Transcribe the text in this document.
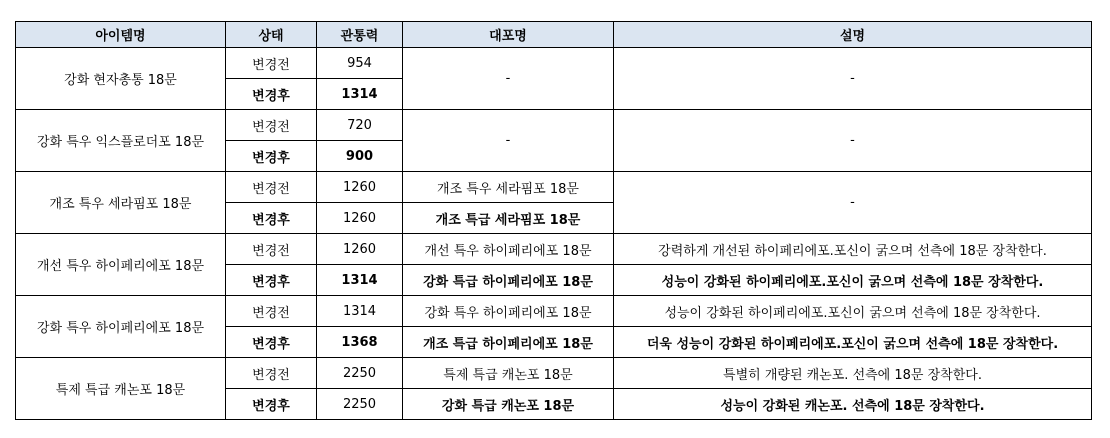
아이템명	상태	관통력	대포명	설명
강화 현자총통 18문	변경전	954	-	-
	변경후	1314		
강화 특우 익스플로더포 18문	변경전	720	-	-
	변경후	900		
개조 특우 세라핌포 18문	변경전	1260	개조 특우 세라핌포 18문	-
	변경후	1260	개조 특급 세라핌포 18문	
개선 특우 하이페리에포 18문	변경전	1260	개선 특우 하이페리에포 18문	강력하게 개선된 하이페리에포.포신이 굵으며 선측에 18문 장착한다.
	변경후	1314	강화 특급 하이페리에포 18문	성능이 강화된 하이페리에포.포신이 굵으며 선측에 18문 장착한다.
강화 특우 하이페리에포 18문	변경전	1314	강화 특우 하이페리에포 18문	성능이 강화된 하이페리에포.포신이 굵으며 선측에 18문 장착한다.
	변경후	1368	개조 특급 하이페리에포 18문	더욱 성능이 강화된 하이페리에포.포신이 굵으며 선측에 18문 장착한다.
특제 특급 캐논포 18문	변경전	2250	특제 특급 캐논포 18문	특별히 개량된 캐논포. 선측에 18문 장착한다.
	변경후	2250	강화 특급 캐논포 18문	성능이 강화된 캐논포. 선측에 18문 장착한다.
